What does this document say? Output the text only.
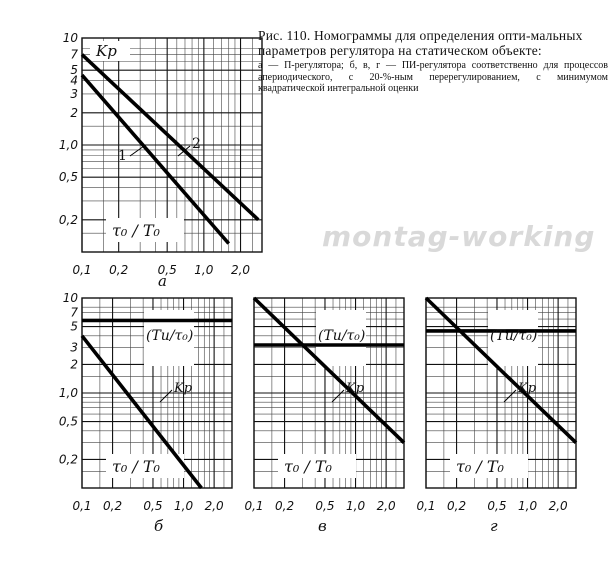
0,1 0,2 0,5 1,0 2,0
10
7
5
4
3
2
1,0
0,5
0,2
τ₀ / T₀
Kp
1
2
а
0,1 0,2 0,5 1,0 2,0
10
7
5
3
2
1,0
0,5
0,2 τ₀ / T₀
(Tи/τ₀)
Kp
б
0,1 0,2 0,5 1,0 2,0
τ₀ / T₀
(Tи/τ₀)
Kp
в
0,1 0,2 0,5 1,0 2,0
τ₀ / T₀
(Tи/τ₀)
Kp
г
Рис. 110. Номограммы для определения опти-мальных параметров регулятора на статическом объекте:
а — П-регулятора; б, в, г — ПИ-регулятора соответственно для процессов апериодического, с 20-%-ным перерегулированием, с минимумом квадратической интегральной оценки
montag-working
